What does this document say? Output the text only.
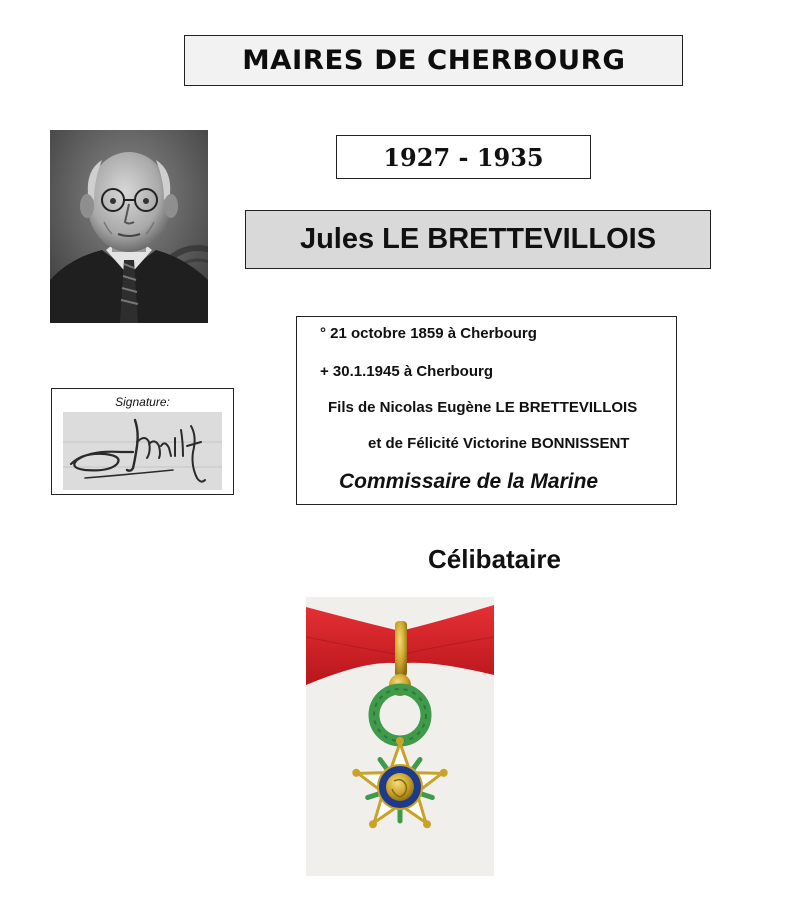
MAIRES DE CHERBOURG
1927 - 1935
Jules LE BRETTEVILLOIS
° 21 octobre 1859 à Cherbourg
+ 30.1.1945 à Cherbourg
Fils de Nicolas Eugène LE BRETTEVILLOIS
et de Félicité Victorine BONNISSENT
Commissaire de la Marine
Signature:
Célibataire
